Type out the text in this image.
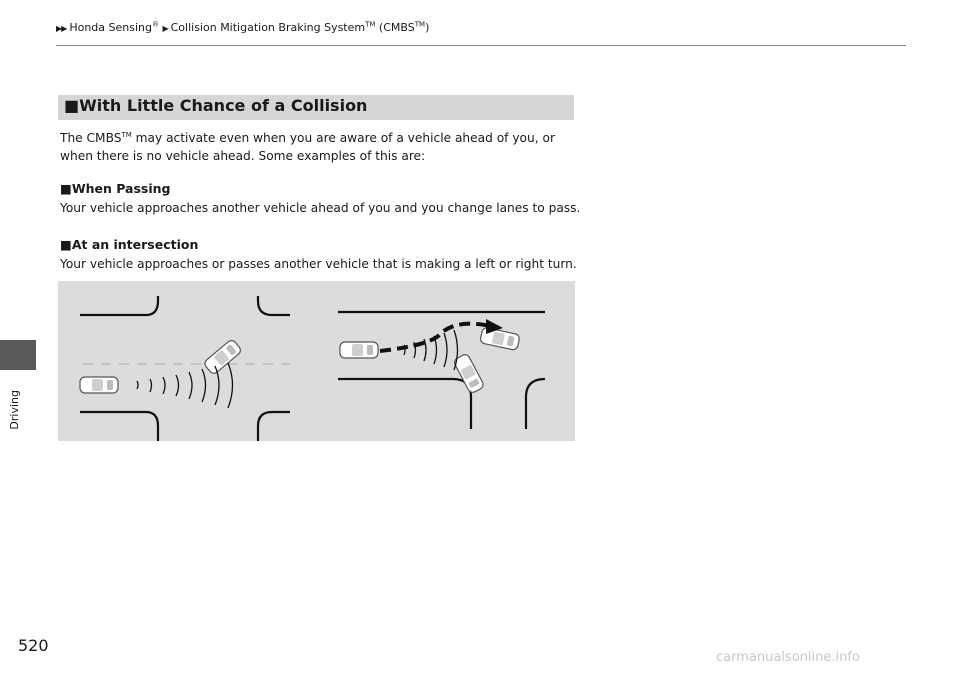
▶▶ Honda Sensing® ▶ Collision Mitigation Braking System™ (CMBS™)
Driving
520
■With Little Chance of a Collision
The CMBS™ may activate even when you are aware of a vehicle ahead of you, or
when there is no vehicle ahead. Some examples of this are:
■When Passing
Your vehicle approaches another vehicle ahead of you and you change lanes to pass.
■At an intersection
Your vehicle approaches or passes another vehicle that is making a left or right turn.
carmanualsonline.info
